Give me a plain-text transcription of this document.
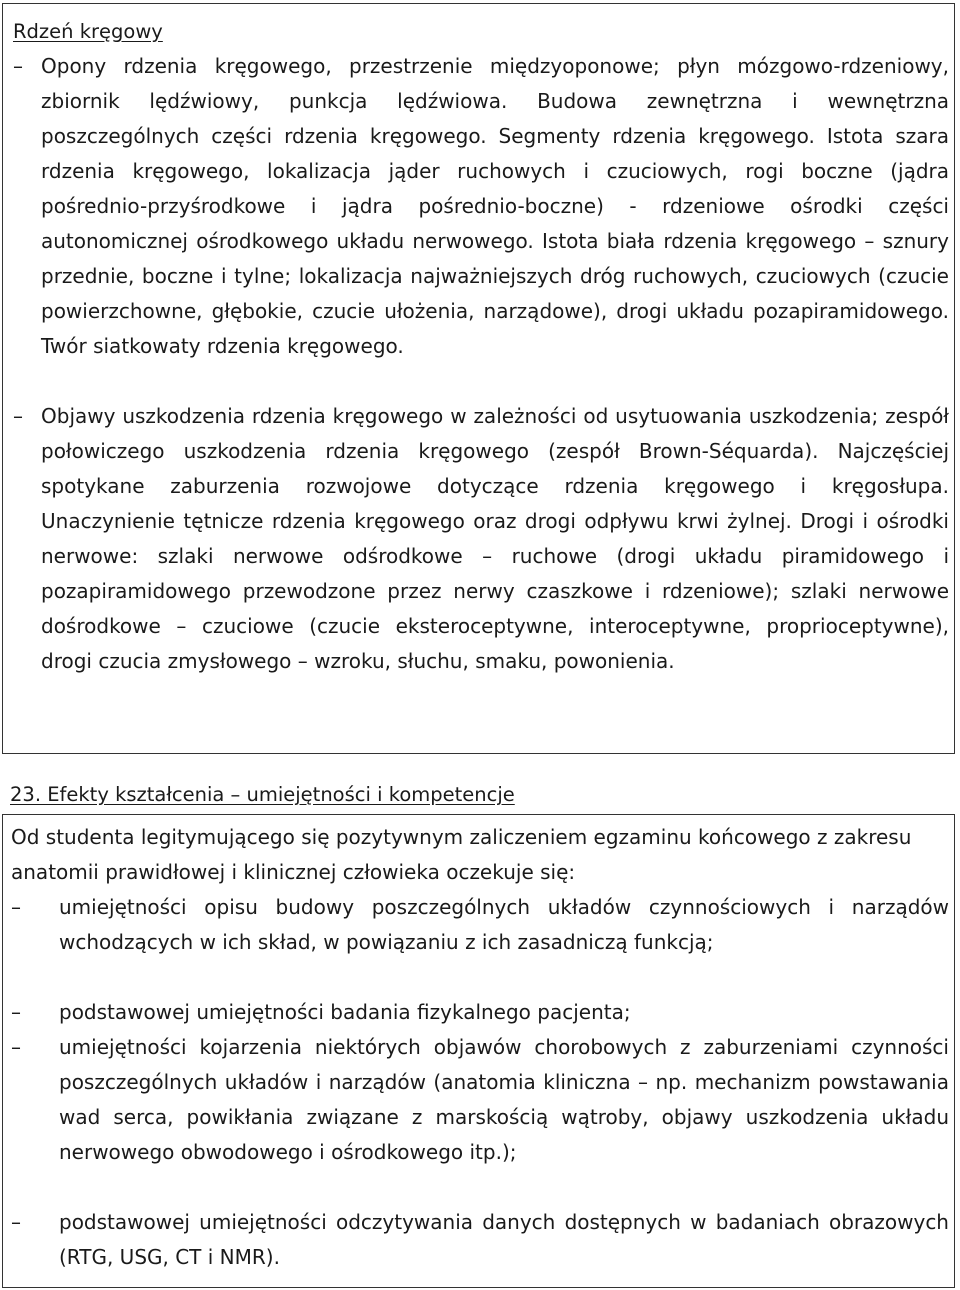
Rdzeń kręgowy
– Opony rdzenia kręgowego, przestrzenie międzyoponowe; płyn mózgowo-rdzeniowy, zbiornik lędźwiowy, punkcja lędźwiowa. Budowa zewnętrzna i wewnętrzna poszczególnych części rdzenia kręgowego. Segmenty rdzenia kręgowego. Istota szara rdzenia kręgowego, lokalizacja jąder ruchowych i czuciowych, rogi boczne (jądra pośrednio-przyśrodkowe i jądra pośrednio-boczne) - rdzeniowe ośrodki części autonomicznej ośrodkowego układu nerwowego. Istota biała rdzenia kręgowego – sznury przednie, boczne i tylne; lokalizacja najważniejszych dróg ruchowych, czuciowych (czucie powierzchowne, głębokie, czucie ułożenia, narządowe), drogi układu pozapiramidowego. Twór siatkowaty rdzenia kręgowego.

– Objawy uszkodzenia rdzenia kręgowego w zależności od usytuowania uszkodzenia; zespół połowiczego uszkodzenia rdzenia kręgowego (zespół Brown-Séquarda). Najczęściej spotykane zaburzenia rozwojowe dotyczące rdzenia kręgowego i kręgosłupa. Unaczynienie tętnicze rdzenia kręgowego oraz drogi odpływu krwi żylnej. Drogi i ośrodki nerwowe: szlaki nerwowe odśrodkowe – ruchowe (drogi układu piramidowego i pozapiramidowego przewodzone przez nerwy czaszkowe i rdzeniowe); szlaki nerwowe dośrodkowe – czuciowe (czucie eksteroceptywne, interoceptywne, proprioceptywne), drogi czucia zmysłowego – wzroku, słuchu, smaku, powonienia.

23. Efekty kształcenia – umiejętności i kompetencje

Od studenta legitymującego się pozytywnym zaliczeniem egzaminu końcowego z zakresu anatomii prawidłowej i klinicznej człowieka oczekuje się:

– umiejętności opisu budowy poszczególnych układów czynnościowych i narządów wchodzących w ich skład, w powiązaniu z ich zasadniczą funkcją;

– podstawowej umiejętności badania fizykalnego pacjenta;

– umiejętności kojarzenia niektórych objawów chorobowych z zaburzeniami czynności poszczególnych układów i narządów (anatomia kliniczna – np. mechanizm powstawania wad serca, powikłania związane z marskością wątroby, objawy uszkodzenia układu nerwowego obwodowego i ośrodkowego itp.);

– podstawowej umiejętności odczytywania danych dostępnych w badaniach obrazowych (RTG, USG, CT i NMR).
